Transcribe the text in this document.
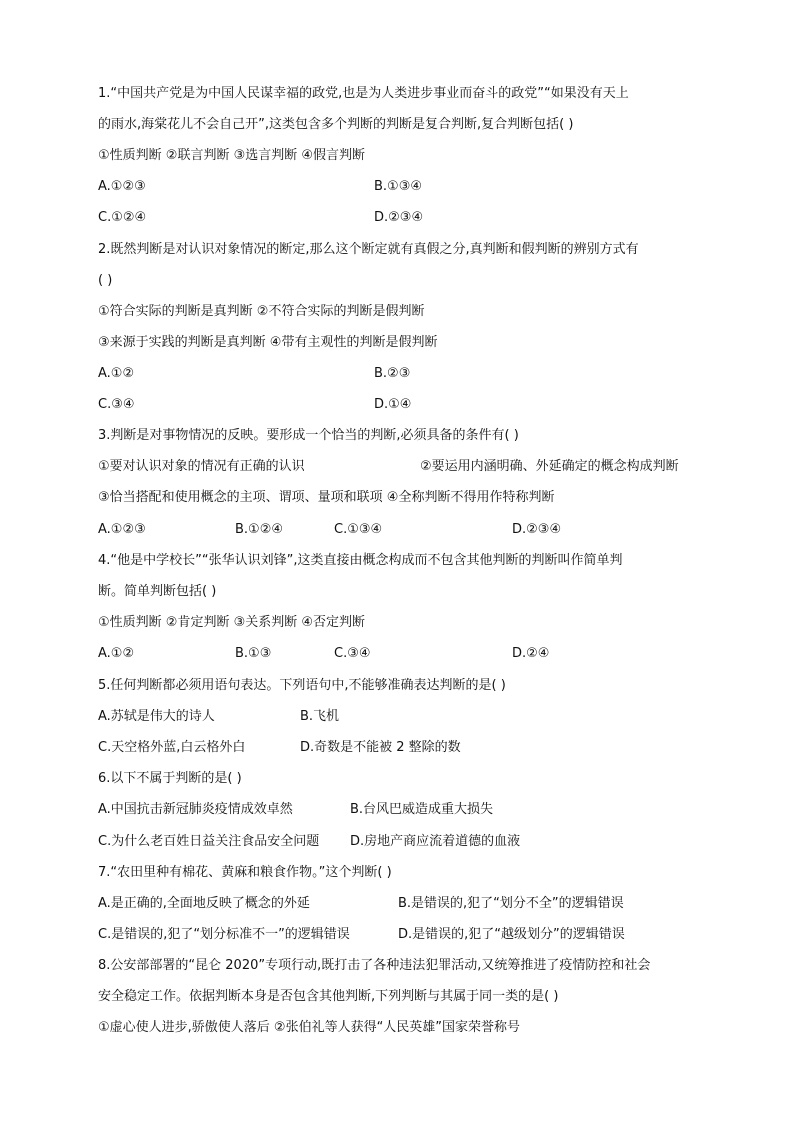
1.“中国共产党是为中国人民谋幸福的政党,也是为人类进步事业而奋斗的政党”“如果没有天上
的雨水,海棠花儿不会自己开”,这类包含多个判断的判断是复合判断,复合判断包括( )
①性质判断 ②联言判断 ③选言判断 ④假言判断
A.①②③	B.①③④
C.①②④	D.②③④
2.既然判断是对认识对象情况的断定,那么这个断定就有真假之分,真判断和假判断的辨别方式有
( )
①符合实际的判断是真判断 ②不符合实际的判断是假判断
③来源于实践的判断是真判断 ④带有主观性的判断是假判断
A.①②	B.②③
C.③④	D.①④
3.判断是对事物情况的反映。要形成一个恰当的判断,必须具备的条件有( )
①要对认识对象的情况有正确的认识	②要运用内涵明确、外延确定的概念构成判断
③恰当搭配和使用概念的主项、谓项、量项和联项 ④全称判断不得用作特称判断
A.①②③	B.①②④	C.①③④	D.②③④
4.“他是中学校长”“张华认识刘锋”,这类直接由概念构成而不包含其他判断的判断叫作简单判
断。简单判断包括( )
①性质判断 ②肯定判断 ③关系判断 ④否定判断
A.①②	B.①③	C.③④	D.②④
5.任何判断都必须用语句表达。下列语句中,不能够准确表达判断的是( )
A.苏轼是伟大的诗人	B.飞机
C.天空格外蓝,白云格外白	D.奇数是不能被 2 整除的数
6.以下不属于判断的是( )
A.中国抗击新冠肺炎疫情成效卓然	B.台风巴威造成重大损失
C.为什么老百姓日益关注食品安全问题 D.房地产商应流着道德的血液
7.“农田里种有棉花、黄麻和粮食作物。”这个判断( )
A.是正确的,全面地反映了概念的外延	B.是错误的,犯了“划分不全”的逻辑错误
C.是错误的,犯了“划分标准不一”的逻辑错误	D.是错误的,犯了“越级划分”的逻辑错误
8.公安部部署的“昆仑 2020”专项行动,既打击了各种违法犯罪活动,又统筹推进了疫情防控和社会
安全稳定工作。依据判断本身是否包含其他判断,下列判断与其属于同一类的是( )
①虚心使人进步,骄傲使人落后 ②张伯礼等人获得“人民英雄”国家荣誉称号
